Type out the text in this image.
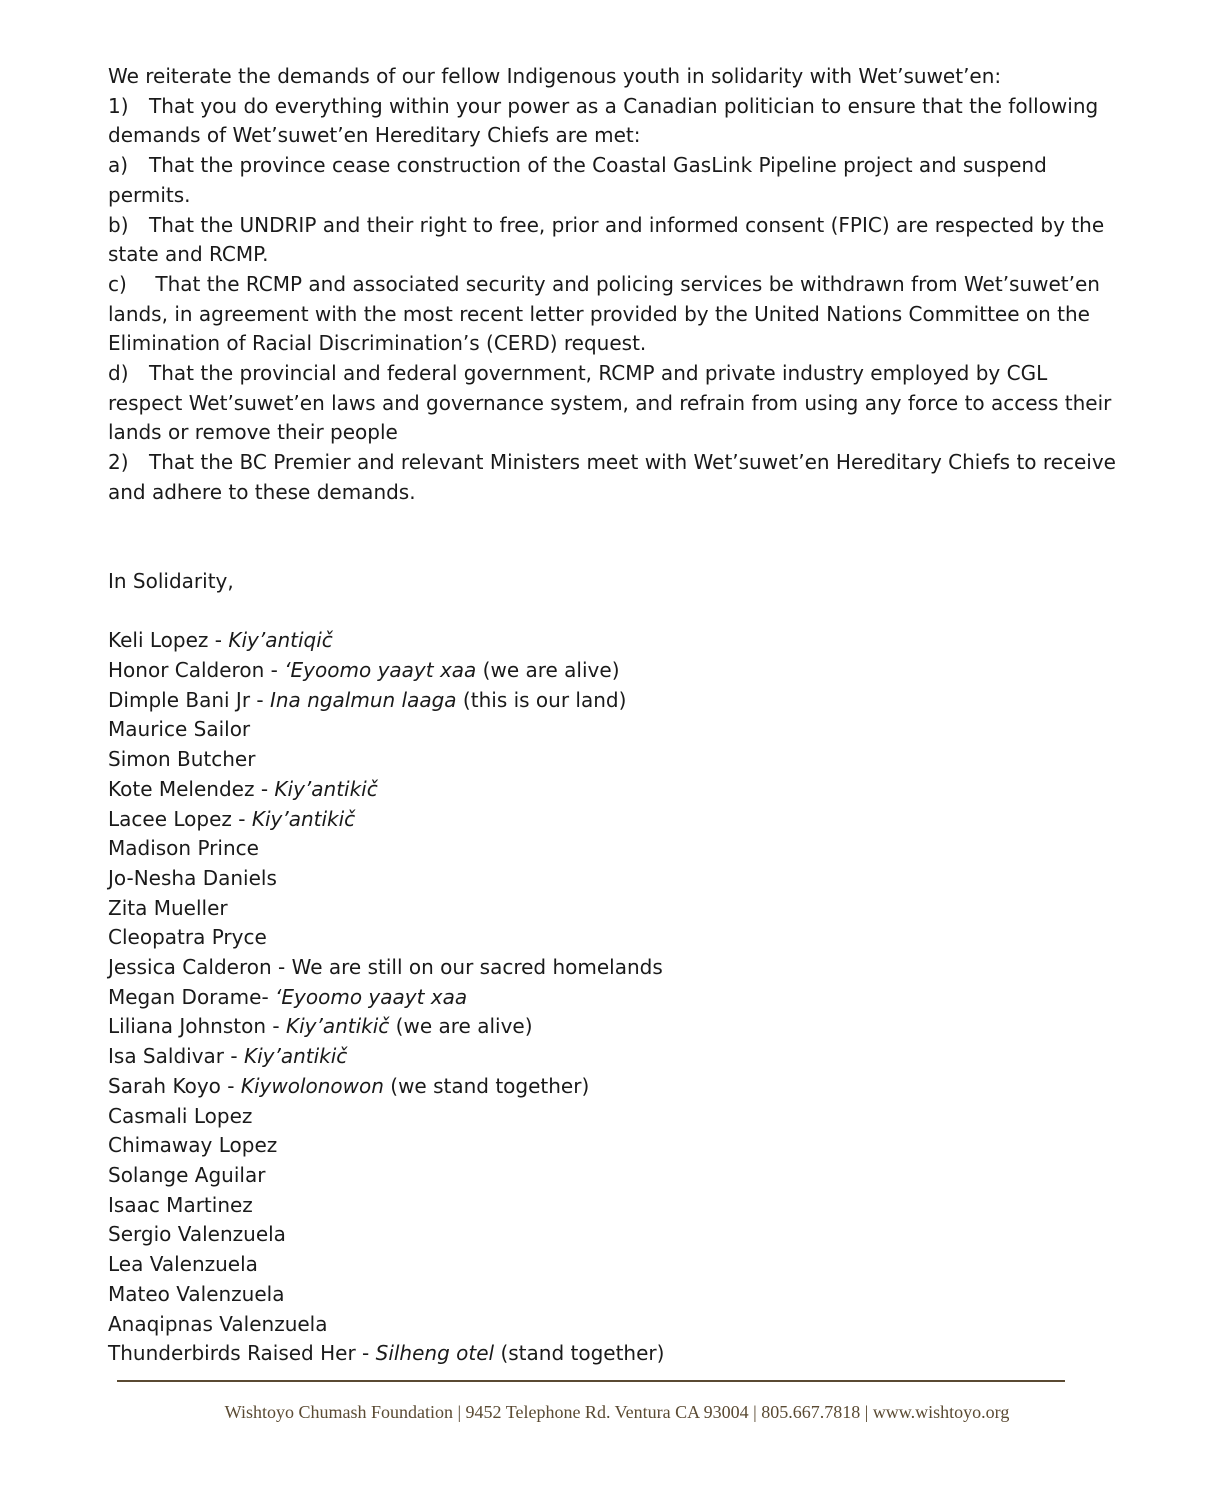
We reiterate the demands of our fellow Indigenous youth in solidarity with Wet’suwet’en:
1) That you do everything within your power as a Canadian politician to ensure that the following
demands of Wet’suwet’en Hereditary Chiefs are met:
a) That the province cease construction of the Coastal GasLink Pipeline project and suspend
permits.
b) That the UNDRIP and their right to free, prior and informed consent (FPIC) are respected by the
state and RCMP.
c) That the RCMP and associated security and policing services be withdrawn from Wet’suwet’en
lands, in agreement with the most recent letter provided by the United Nations Committee on the
Elimination of Racial Discrimination’s (CERD) request.
d) That the provincial and federal government, RCMP and private industry employed by CGL
respect Wet’suwet’en laws and governance system, and refrain from using any force to access their
lands or remove their people
2) That the BC Premier and relevant Ministers meet with Wet’suwet’en Hereditary Chiefs to receive
and adhere to these demands.
In Solidarity,
Keli Lopez - Kiy’antiqič
Honor Calderon - ‘Eyoomo yaayt xaa (we are alive)
Dimple Bani Jr - Ina ngalmun laaga (this is our land)
Maurice Sailor
Simon Butcher
Kote Melendez - Kiy’antikič
Lacee Lopez - Kiy’antikič
Madison Prince
Jo-Nesha Daniels
Zita Mueller
Cleopatra Pryce
Jessica Calderon - We are still on our sacred homelands
Megan Dorame- ‘Eyoomo yaayt xaa
Liliana Johnston - Kiy’antikič (we are alive)
Isa Saldivar - Kiy’antikič
Sarah Koyo - Kiywolonowon (we stand together)
Casmali Lopez
Chimaway Lopez
Solange Aguilar
Isaac Martinez
Sergio Valenzuela
Lea Valenzuela
Mateo Valenzuela
Anaqipnas Valenzuela
Thunderbirds Raised Her - Silheng otel (stand together)
Wishtoyo Chumash Foundation | 9452 Telephone Rd. Ventura CA 93004 | 805.667.7818 | www.wishtoyo.org
